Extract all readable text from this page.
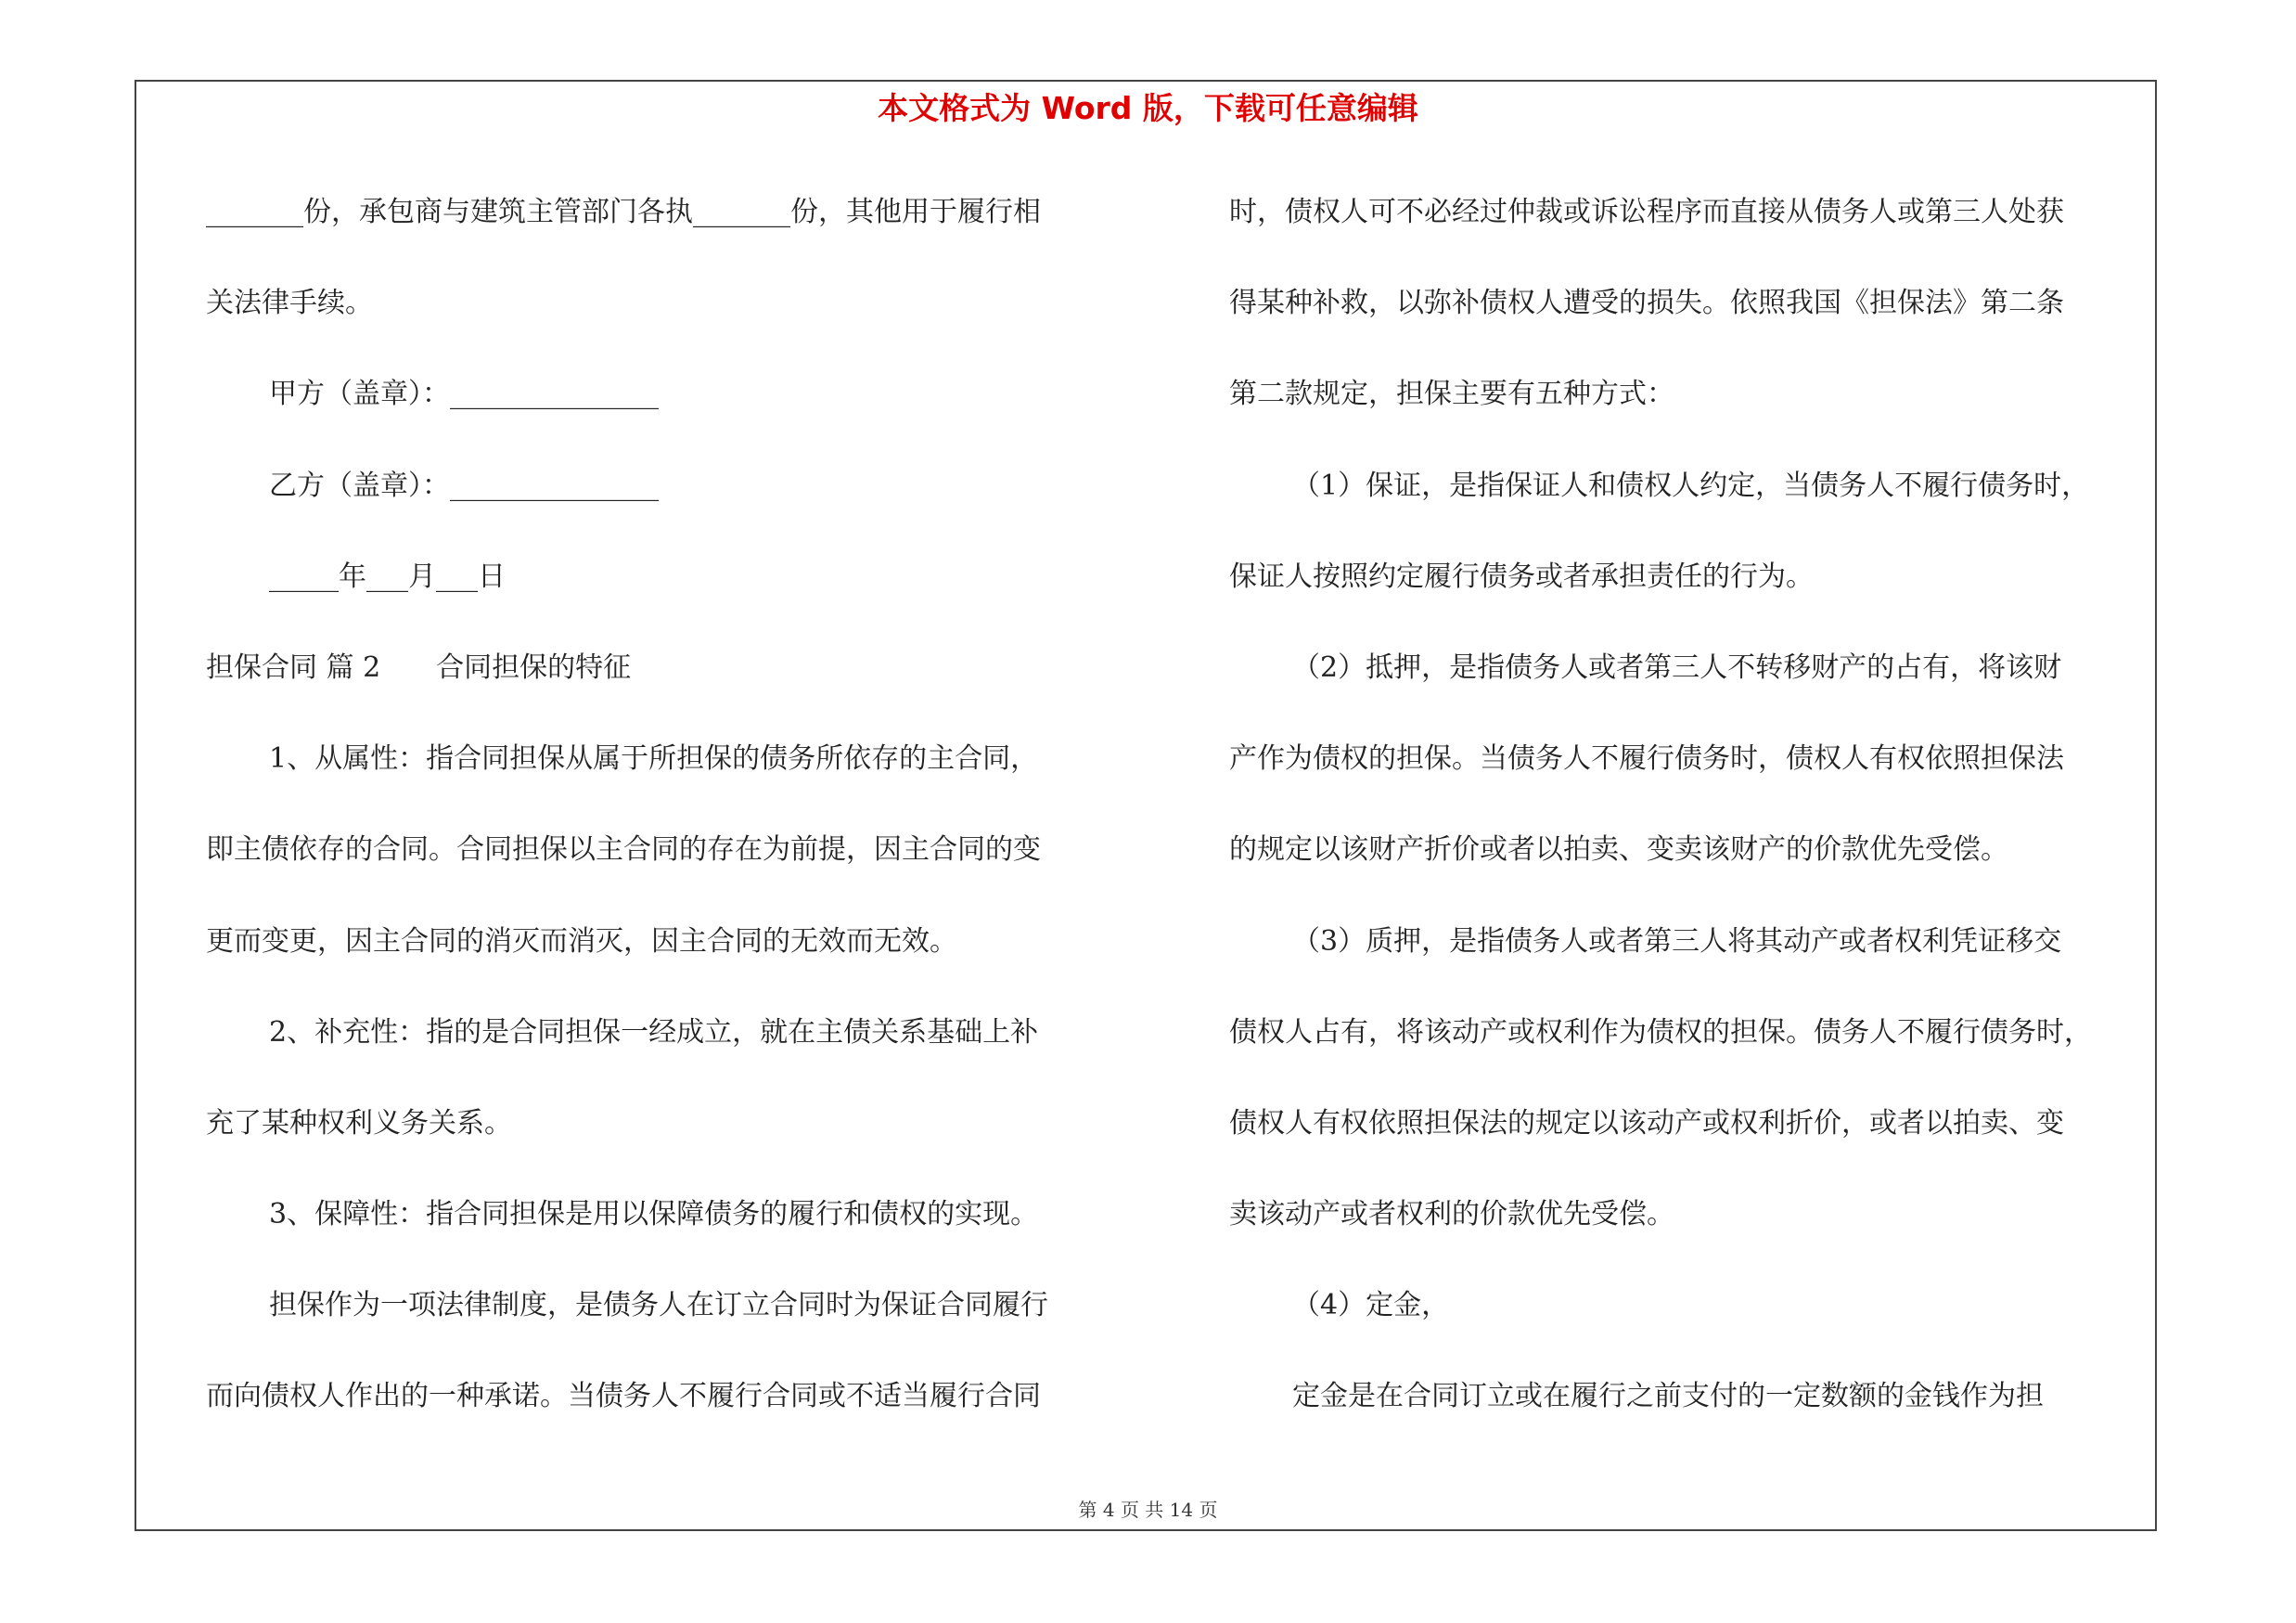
本文格式为 Word 版，下载可任意编辑
_______份，承包商与建筑主管部门各执_______份，其他用于履行相
关法律手续。
甲方（盖章）：_______________
乙方（盖章）：_______________
_____年___月___日
担保合同 篇 2　　合同担保的特征
1、从属性：指合同担保从属于所担保的债务所依存的主合同，
即主债依存的合同。合同担保以主合同的存在为前提，因主合同的变
更而变更，因主合同的消灭而消灭，因主合同的无效而无效。
2、补充性：指的是合同担保一经成立，就在主债关系基础上补
充了某种权利义务关系。
3、保障性：指合同担保是用以保障债务的履行和债权的实现。
担保作为一项法律制度，是债务人在订立合同时为保证合同履行
而向债权人作出的一种承诺。当债务人不履行合同或不适当履行合同
时，债权人可不必经过仲裁或诉讼程序而直接从债务人或第三人处获
得某种补救，以弥补债权人遭受的损失。依照我国《担保法》第二条
第二款规定，担保主要有五种方式：
（1）保证，是指保证人和债权人约定，当债务人不履行债务时，
保证人按照约定履行债务或者承担责任的行为。
（2）抵押，是指债务人或者第三人不转移财产的占有，将该财
产作为债权的担保。当债务人不履行债务时，债权人有权依照担保法
的规定以该财产折价或者以拍卖、变卖该财产的价款优先受偿。
（3）质押，是指债务人或者第三人将其动产或者权利凭证移交
债权人占有，将该动产或权利作为债权的担保。债务人不履行债务时，
债权人有权依照担保法的规定以该动产或权利折价，或者以拍卖、变
卖该动产或者权利的价款优先受偿。
（4）定金，
定金是在合同订立或在履行之前支付的一定数额的金钱作为担
第 4 页 共 14 页
